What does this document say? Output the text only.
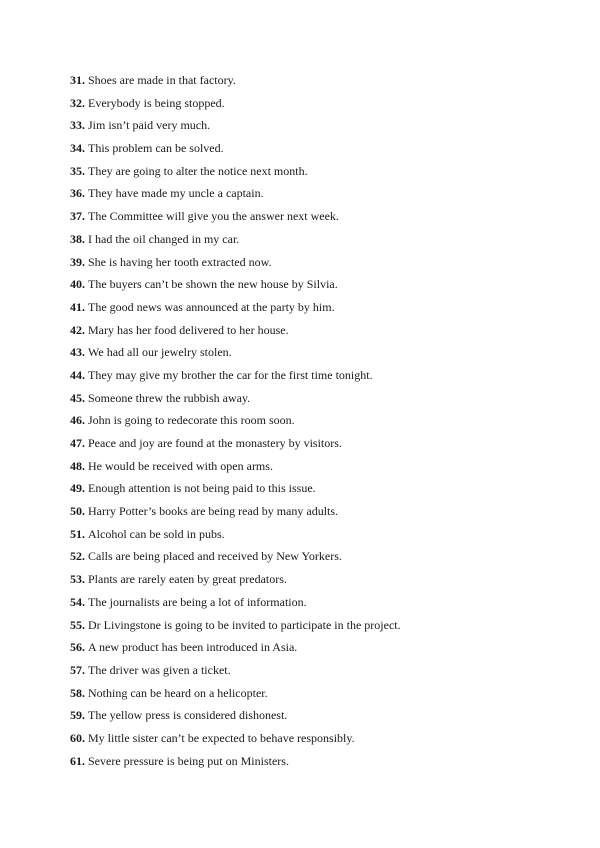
31. Shoes are made in that factory.
32. Everybody is being stopped.
33. Jim isn’t paid very much.
34. This problem can be solved.
35. They are going to alter the notice next month.
36. They have made my uncle a captain.
37. The Committee will give you the answer next week.
38. I had the oil changed in my car.
39. She is having her tooth extracted now.
40. The buyers can’t be shown the new house by Silvia.
41. The good news was announced at the party by him.
42. Mary has her food delivered to her house.
43. We had all our jewelry stolen.
44. They may give my brother the car for the first time tonight.
45. Someone threw the rubbish away.
46. John is going to redecorate this room soon.
47. Peace and joy are found at the monastery by visitors.
48. He would be received with open arms.
49. Enough attention is not being paid to this issue.
50. Harry Potter’s books are being read by many adults.
51. Alcohol can be sold in pubs.
52. Calls are being placed and received by New Yorkers.
53. Plants are rarely eaten by great predators.
54. The journalists are being a lot of information.
55. Dr Livingstone is going to be invited to participate in the project.
56. A new product has been introduced in Asia.
57. The driver was given a ticket.
58. Nothing can be heard on a helicopter.
59. The yellow press is considered dishonest.
60. My little sister can’t be expected to behave responsibly.
61. Severe pressure is being put on Ministers.
